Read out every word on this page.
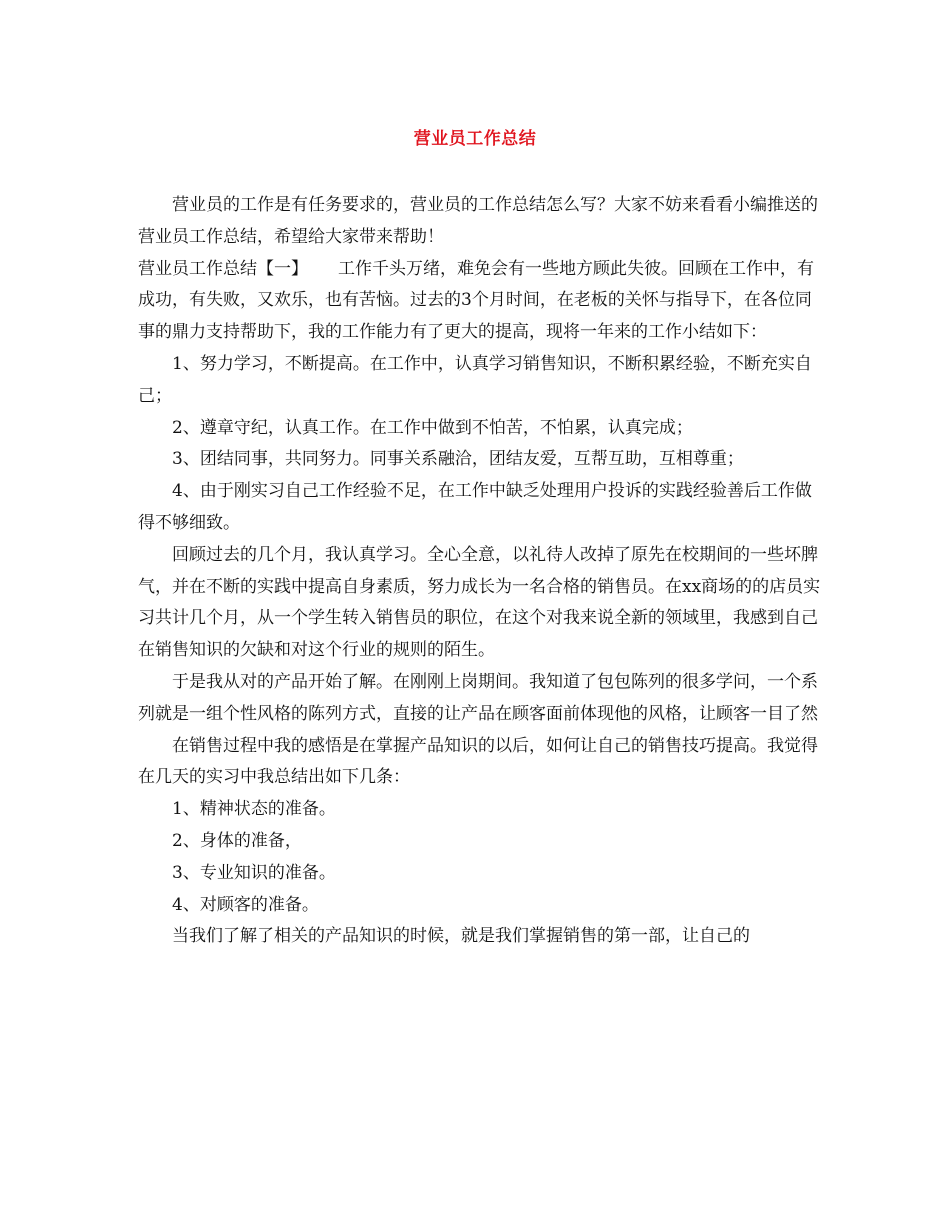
营业员工作总结

营业员的工作是有任务要求的，营业员的工作总结怎么写？大家不妨来看看小编推送的营业员工作总结，希望给大家带来帮助！

营业员工作总结【一】 工作千头万绪，难免会有一些地方顾此失彼。回顾在工作中，有成功，有失败，又欢乐，也有苦恼。过去的3个月时间，在老板的关怀与指导下，在各位同事的鼎力支持帮助下，我的工作能力有了更大的提高，现将一年来的工作小结如下：

1、努力学习，不断提高。在工作中，认真学习销售知识，不断积累经验，不断充实自己；

2、遵章守纪，认真工作。在工作中做到不怕苦，不怕累，认真完成；

3、团结同事，共同努力。同事关系融洽，团结友爱，互帮互助，互相尊重；

4、由于刚实习自己工作经验不足，在工作中缺乏处理用户投诉的实践经验善后工作做得不够细致。

回顾过去的几个月，我认真学习。全心全意，以礼待人改掉了原先在校期间的一些坏脾气，并在不断的实践中提高自身素质，努力成长为一名合格的销售员。在xx商场的的店员实习共计几个月，从一个学生转入销售员的职位，在这个对我来说全新的领域里，我感到自己在销售知识的欠缺和对这个行业的规则的陌生。

于是我从对的产品开始了解。在刚刚上岗期间。我知道了包包陈列的很多学问，一个系列就是一组个性风格的陈列方式，直接的让产品在顾客面前体现他的风格，让顾客一目了然

在销售过程中我的感悟是在掌握产品知识的以后，如何让自己的销售技巧提高。我觉得在几天的实习中我总结出如下几条：

1、精神状态的准备。

2、身体的准备，

3、专业知识的准备。

4、对顾客的准备。

当我们了解了相关的产品知识的时候，就是我们掌握销售的第一部，让自己的
